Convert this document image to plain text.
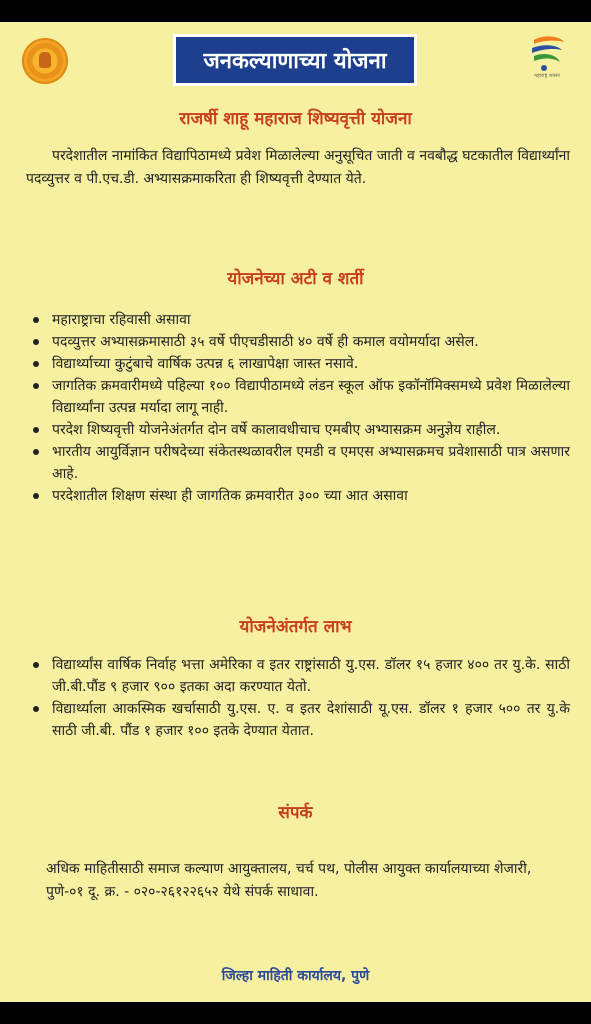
जनकल्याणाच्या योजना
महाराष्ट्र शासन
राजर्षी शाहू महाराज शिष्यवृत्ती योजना

परदेशातील नामांकित विद्यापिठामध्ये प्रवेश मिळालेल्या अनुसूचित जाती व नवबौद्ध घटकातील विद्यार्थ्यांना पदव्युत्तर व पी.एच.डी. अभ्यासक्रमाकरिता ही शिष्यवृत्ती देण्यात येते.

योजनेच्या अटी व शर्ती
महाराष्ट्राचा रहिवासी असावा
पदव्युत्तर अभ्यासक्रमासाठी ३५ वर्षे पीएचडीसाठी ४० वर्षे ही कमाल वयोमर्यादा असेल.
विद्यार्थ्याच्या कुटुंबाचे वार्षिक उत्पन्न ६ लाखापेक्षा जास्त नसावे.
जागतिक क्रमवारीमध्ये पहिल्या १०० विद्यापीठामध्ये लंडन स्कूल ऑफ इकॉनॉमिक्समध्ये प्रवेश मिळालेल्या विद्यार्थ्यांना उत्पन्न मर्यादा लागू नाही.
परदेश शिष्यवृत्ती योजनेअंतर्गत दोन वर्षे कालावधीचाच एमबीए अभ्यासक्रम अनुज्ञेय राहील.
भारतीय आयुर्विज्ञान परीषदेच्या संकेतस्थळावरील एमडी व एमएस अभ्यासक्रमच प्रवेशासाठी पात्र असणार आहे.
परदेशातील शिक्षण संस्था ही जागतिक क्रमवारीत ३०० च्या आत असावा
योजनेअंतर्गत लाभ
विद्यार्थ्यांस वार्षिक निर्वाह भत्ता अमेरिका व इतर राष्ट्रांसाठी यु.एस. डॉलर १५ हजार ४०० तर यु.के. साठी जी.बी.पौंड ९ हजार ९०० इतका अदा करण्यात येतो.
विद्यार्थ्याला आकस्मिक खर्चासाठी यु.एस. ए. व इतर देशांसाठी यू.एस. डॉलर १ हजार ५०० तर यु.के साठी जी.बी. पौंड १ हजार १०० इतके देण्यात येतात.
संपर्क

अधिक माहितीसाठी समाज कल्याण आयुक्तालय, चर्च पथ, पोलीस आयुक्त कार्यालयाच्या शेजारी, पुणे-०१ दू. क्र. - ०२०-२६१२२६५२ येथे संपर्क साधावा.

जिल्हा माहिती कार्यालय, पुणे
